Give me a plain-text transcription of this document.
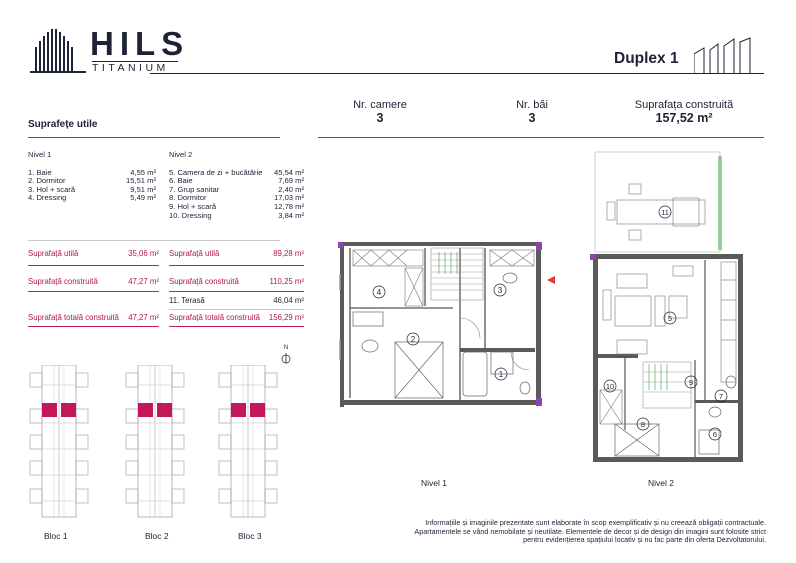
HILS
TITANIUM
Duplex 1
Nr. camere
3
Nr. băi
3
Suprafața construită
157,52 m²
Suprafețe utile
Nivel 1
1. Baie	4,55 m²
2. Dormitor	15,51 m²
3. Hol + scară	9,51 m²
4. Dressing	5,49 m²
Nivel 2
5. Camera de zi + bucătărie 45,54 m²
6. Baie	7,69 m²
7. Grup sanitar	2,40 m²
8. Dormitor	17,03 m²
9. Hol + scară	12,78 m²
10. Dressing	3,84 m²
Suprafață utilă	35,06 m² Suprafață utilă	89,28 m²
Suprafață construită	47,27 m² Suprafață construită	110,25 m²
11. Terasă	46,04 m²
Suprafață totală construită 47,27 m² Suprafață totală construită 156,29 m²
N
Bloc 1	Bloc 2	Bloc 3
4
2
3
1
Nivel 1
11
5
9
10
7
8
6
Nivel 2
Informațiile și imaginile prezentate sunt elaborate în scop exemplificativ și nu creează obligații contractuale.
Apartamentele se vând nemobilate și neutilate. Elementele de decor și de design din imagini sunt folosite strict
pentru evidențierea spațiului locativ și nu fac parte din oferta Dezvoltatorului.
